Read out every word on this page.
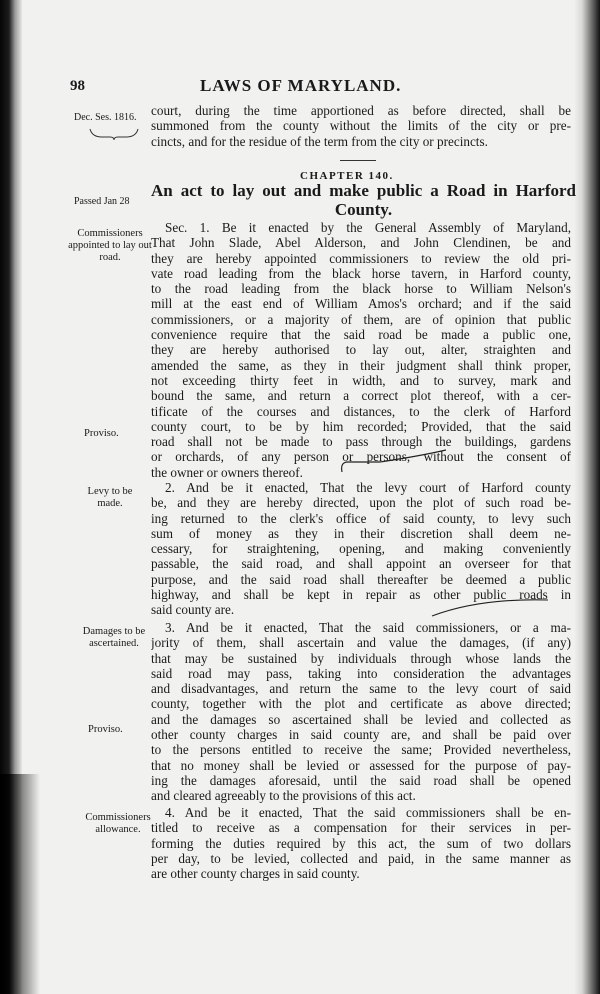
98	LAWS OF MARYLAND.
Dec. Ses. 1816.
Passed Jan 28
Commissioners appointed to lay out road.
Proviso.
Levy to be made.
Damages to be ascertained.
Proviso.
Commissioners allowance.
court, during the time apportioned as before directed, shall be
summoned from the county without the limits of the city or pre-
cincts, and for the residue of the term from the city or precincts.
CHAPTER 140.
An act to lay out and make public a Road in Harford
County.
Sec. 1. Be it enacted by the General Assembly of Maryland,
That John Slade, Abel Alderson, and John Clendinen, be and
they are hereby appointed commissioners to review the old pri-
vate road leading from the black horse tavern, in Harford county,
to the road leading from the black horse to William Nelson's
mill at the east end of William Amos's orchard; and if the said
commissioners, or a majority of them, are of opinion that public
convenience require that the said road be made a public one,
they are hereby authorised to lay out, alter, straighten and
amended the same, as they in their judgment shall think proper,
not exceeding thirty feet in width, and to survey, mark and
bound the same, and return a correct plot thereof, with a cer-
tificate of the courses and distances, to the clerk of Harford
county court, to be by him recorded; Provided, that the said
road shall not be made to pass through the buildings, gardens
or orchards, of any person or persons, without the consent of
the owner or owners thereof.
2. And be it enacted, That the levy court of Harford county
be, and they are hereby directed, upon the plot of such road be-
ing returned to the clerk's office of said county, to levy such
sum of money as they in their discretion shall deem ne-
cessary, for straightening, opening, and making conveniently
passable, the said road, and shall appoint an overseer for that
purpose, and the said road shall thereafter be deemed a public
highway, and shall be kept in repair as other public roads in
said county are.
3. And be it enacted, That the said commissioners, or a ma-
jority of them, shall ascertain and value the damages, (if any)
that may be sustained by individuals through whose lands the
said road may pass, taking into consideration the advantages
and disadvantages, and return the same to the levy court of said
county, together with the plot and certificate as above directed;
and the damages so ascertained shall be levied and collected as
other county charges in said county are, and shall be paid over
to the persons entitled to receive the same; Provided nevertheless,
that no money shall be levied or assessed for the purpose of pay-
ing the damages aforesaid, until the said road shall be opened
and cleared agreeably to the provisions of this act.
4. And be it enacted, That the said commissioners shall be en-
titled to receive as a compensation for their services in per-
forming the duties required by this act, the sum of two dollars
per day, to be levied, collected and paid, in the same manner as
are other county charges in said county.
